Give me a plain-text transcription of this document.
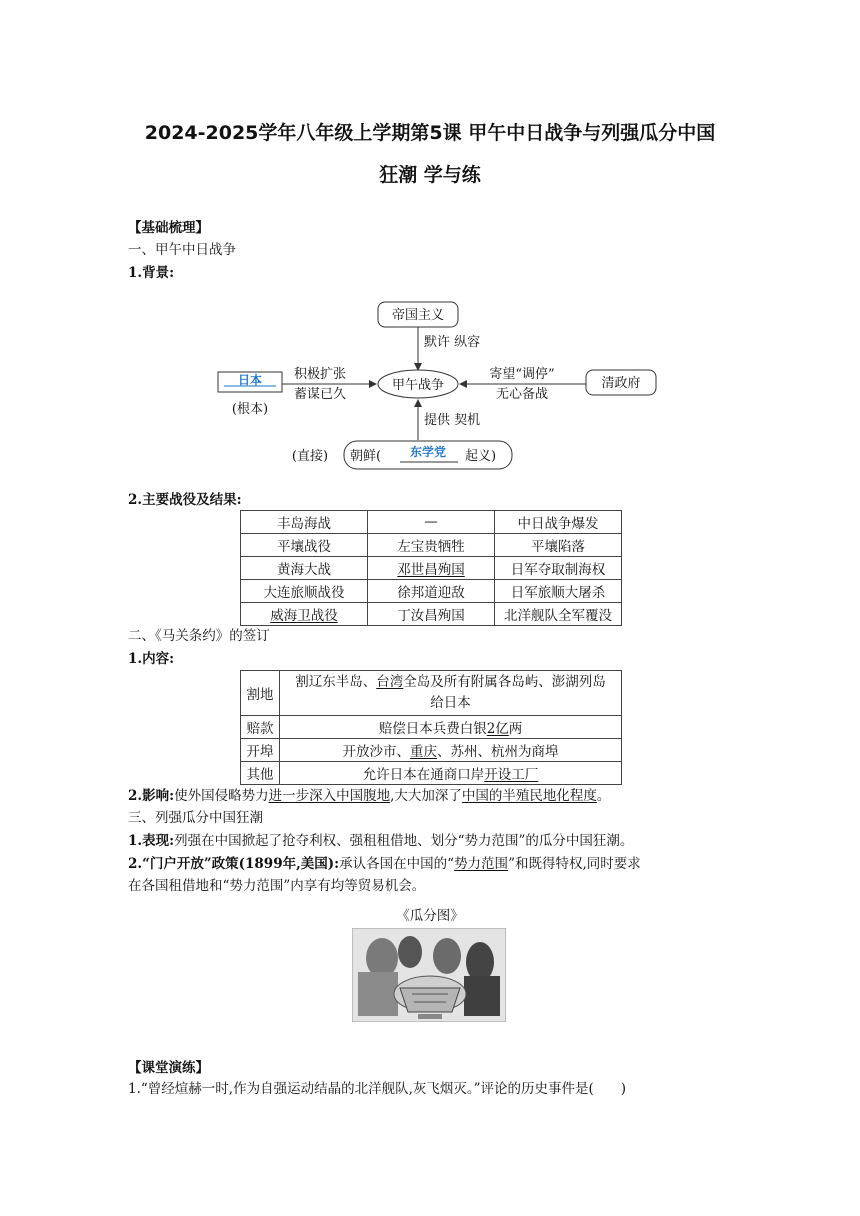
2024-2025学年八年级上学期第5课 甲午中日战争与列强瓜分中国
狂潮 学与练
【基础梳理】
一、甲午中日战争
1.背景:
帝国主义
默许 纵容
甲午战争
日本
(根本)
积极扩张
蓄谋已久
清政府
寄望“调停”
无心备战
提供 契机
(直接) 朝鲜( 东学党 起义)
2.主要战役及结果:
丰岛海战	—	中日战争爆发
平壤战役	左宝贵牺牲	平壤陷落
黄海大战	邓世昌殉国	日军夺取制海权
大连旅顺战役	徐邦道迎敌	日军旅顺大屠杀
威海卫战役	丁汝昌殉国	北洋舰队全军覆没
二、《马关条约》的签订
1.内容:
割地	割辽东半岛、台湾全岛及所有附属各岛屿、澎湖列岛
给日本
赔款	赔偿日本兵费白银2亿两
开埠	开放沙市、重庆、苏州、杭州为商埠
其他	允许日本在通商口岸开设工厂
2.影响:使外国侵略势力进一步深入中国腹地,大大加深了中国的半殖民地化程度。
三、列强瓜分中国狂潮
1.表现:列强在中国掀起了抢夺利权、强租租借地、划分“势力范围”的瓜分中国狂潮。
2.“门户开放”政策(1899年,美国):承认各国在中国的“势力范围”和既得特权,同时要求
在各国租借地和“势力范围”内享有均等贸易机会。
《瓜分图》
【课堂演练】
1.“曾经煊赫一时,作为自强运动结晶的北洋舰队,灰飞烟灭。”评论的历史事件是(　　)
